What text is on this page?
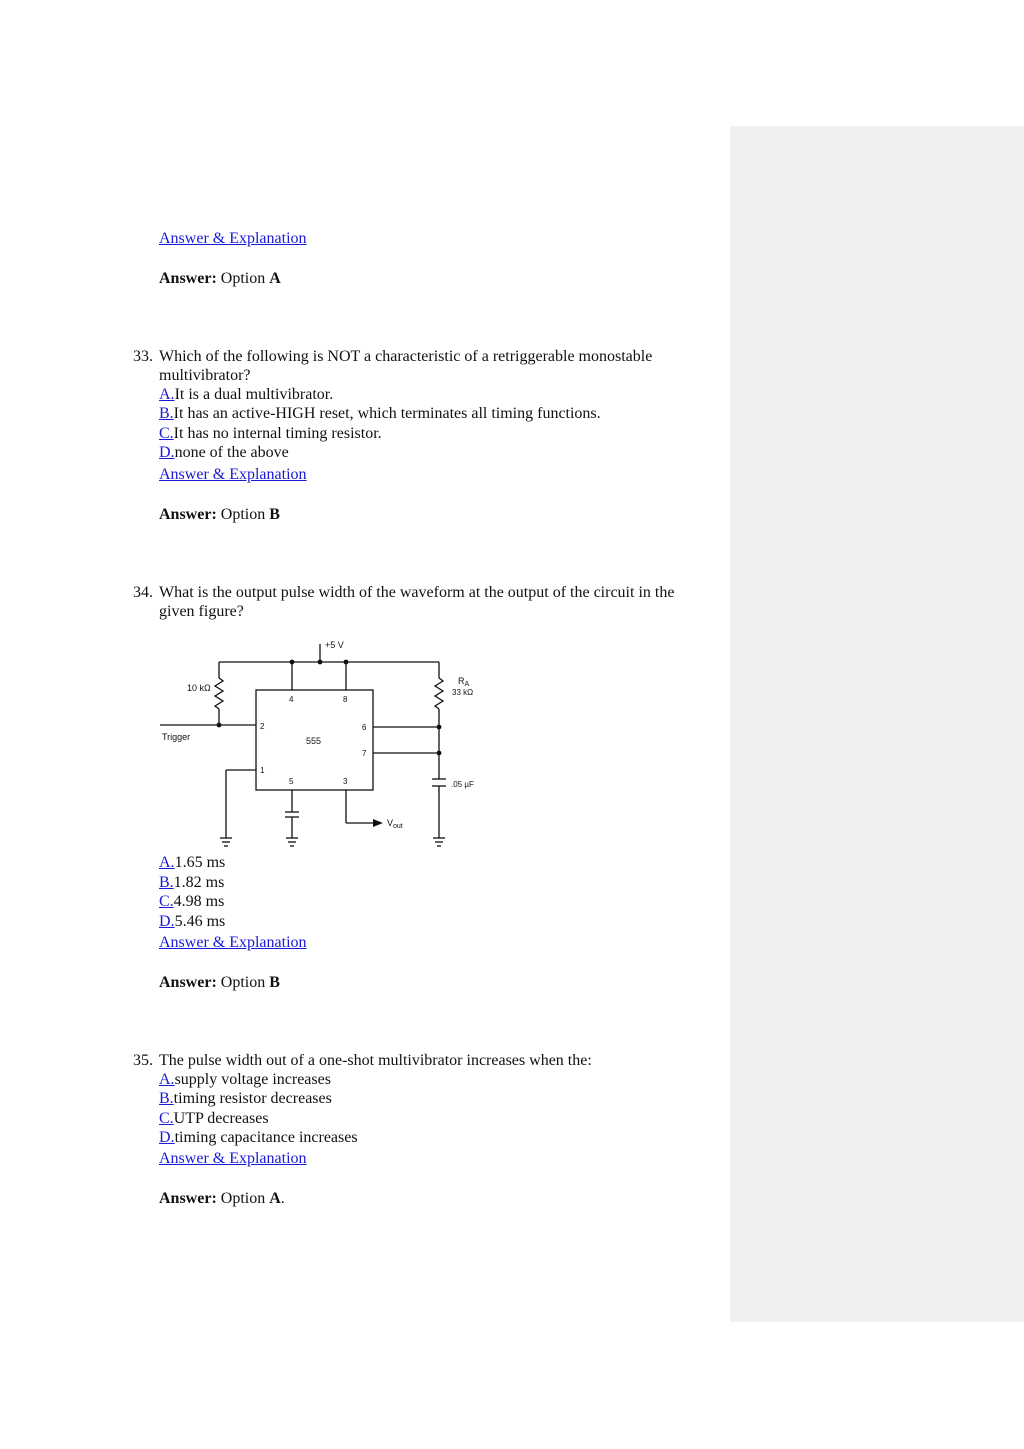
Answer & Explanation
Answer: Option A
33. Which of the following is NOT a characteristic of a retriggerable monostable
multivibrator?
A.It is a dual multivibrator.
B.It has an active-HIGH reset, which terminates all timing functions.
C.It has no internal timing resistor.
D.none of the above
Answer & Explanation
Answer: Option B
34. What is the output pulse width of the waveform at the output of the circuit in the
given figure?
+5 V
10 kΩ
Trigger	555
$R_A$
33 kΩ
.05 µF
$V_{out}$
4	8
2	6
7
1
5	3
A.1.65 ms
B.1.82 ms
C.4.98 ms
D.5.46 ms
Answer & Explanation
Answer: Option B
35. The pulse width out of a one-shot multivibrator increases when the:
A.supply voltage increases
B.timing resistor decreases
C.UTP decreases
D.timing capacitance increases
Answer & Explanation
Answer: Option A.
